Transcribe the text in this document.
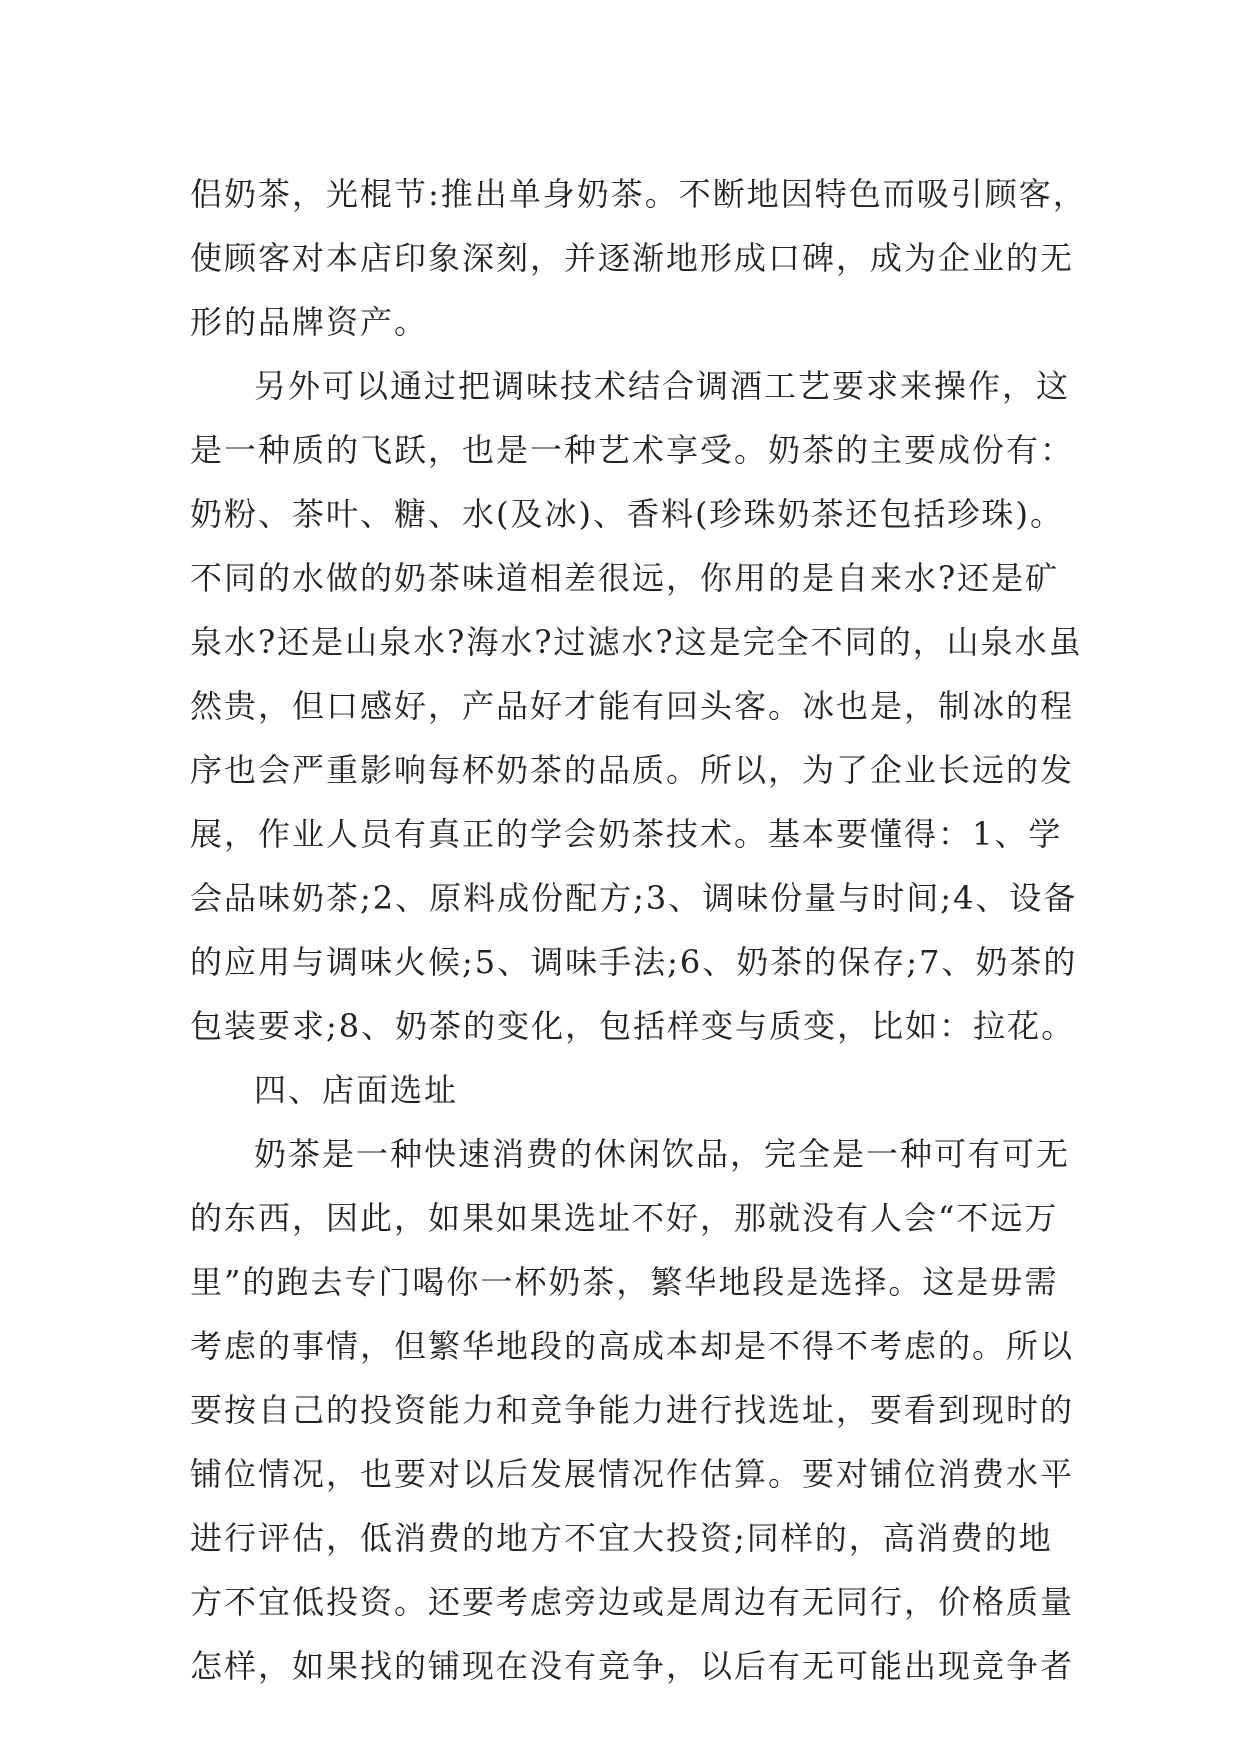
侣奶茶，光棍节:推出单身奶茶。不断地因特色而吸引顾客，
使顾客对本店印象深刻，并逐渐地形成口碑，成为企业的无
形的品牌资产。
另外可以通过把调味技术结合调酒工艺要求来操作，这
是一种质的飞跃，也是一种艺术享受。奶茶的主要成份有：
奶粉、茶叶、糖、水(及冰)、香料(珍珠奶茶还包括珍珠)。
不同的水做的奶茶味道相差很远，你用的是自来水?还是矿
泉水?还是山泉水?海水?过滤水?这是完全不同的，山泉水虽
然贵，但口感好，产品好才能有回头客。冰也是，制冰的程
序也会严重影响每杯奶茶的品质。所以，为了企业长远的发
展，作业人员有真正的学会奶茶技术。基本要懂得：1、学
会品味奶茶;2、原料成份配方;3、调味份量与时间;4、设备
的应用与调味火候;5、调味手法;6、奶茶的保存;7、奶茶的
包装要求;8、奶茶的变化，包括样变与质变，比如：拉花。
四、店面选址
奶茶是一种快速消费的休闲饮品，完全是一种可有可无
的东西，因此，如果如果选址不好，那就没有人会“不远万
里”的跑去专门喝你一杯奶茶，繁华地段是选择。这是毋需
考虑的事情，但繁华地段的高成本却是不得不考虑的。所以
要按自己的投资能力和竞争能力进行找选址，要看到现时的
铺位情况，也要对以后发展情况作估算。要对铺位消费水平
进行评估，低消费的地方不宜大投资;同样的，高消费的地
方不宜低投资。还要考虑旁边或是周边有无同行，价格质量
怎样，如果找的铺现在没有竞争，以后有无可能出现竞争者
